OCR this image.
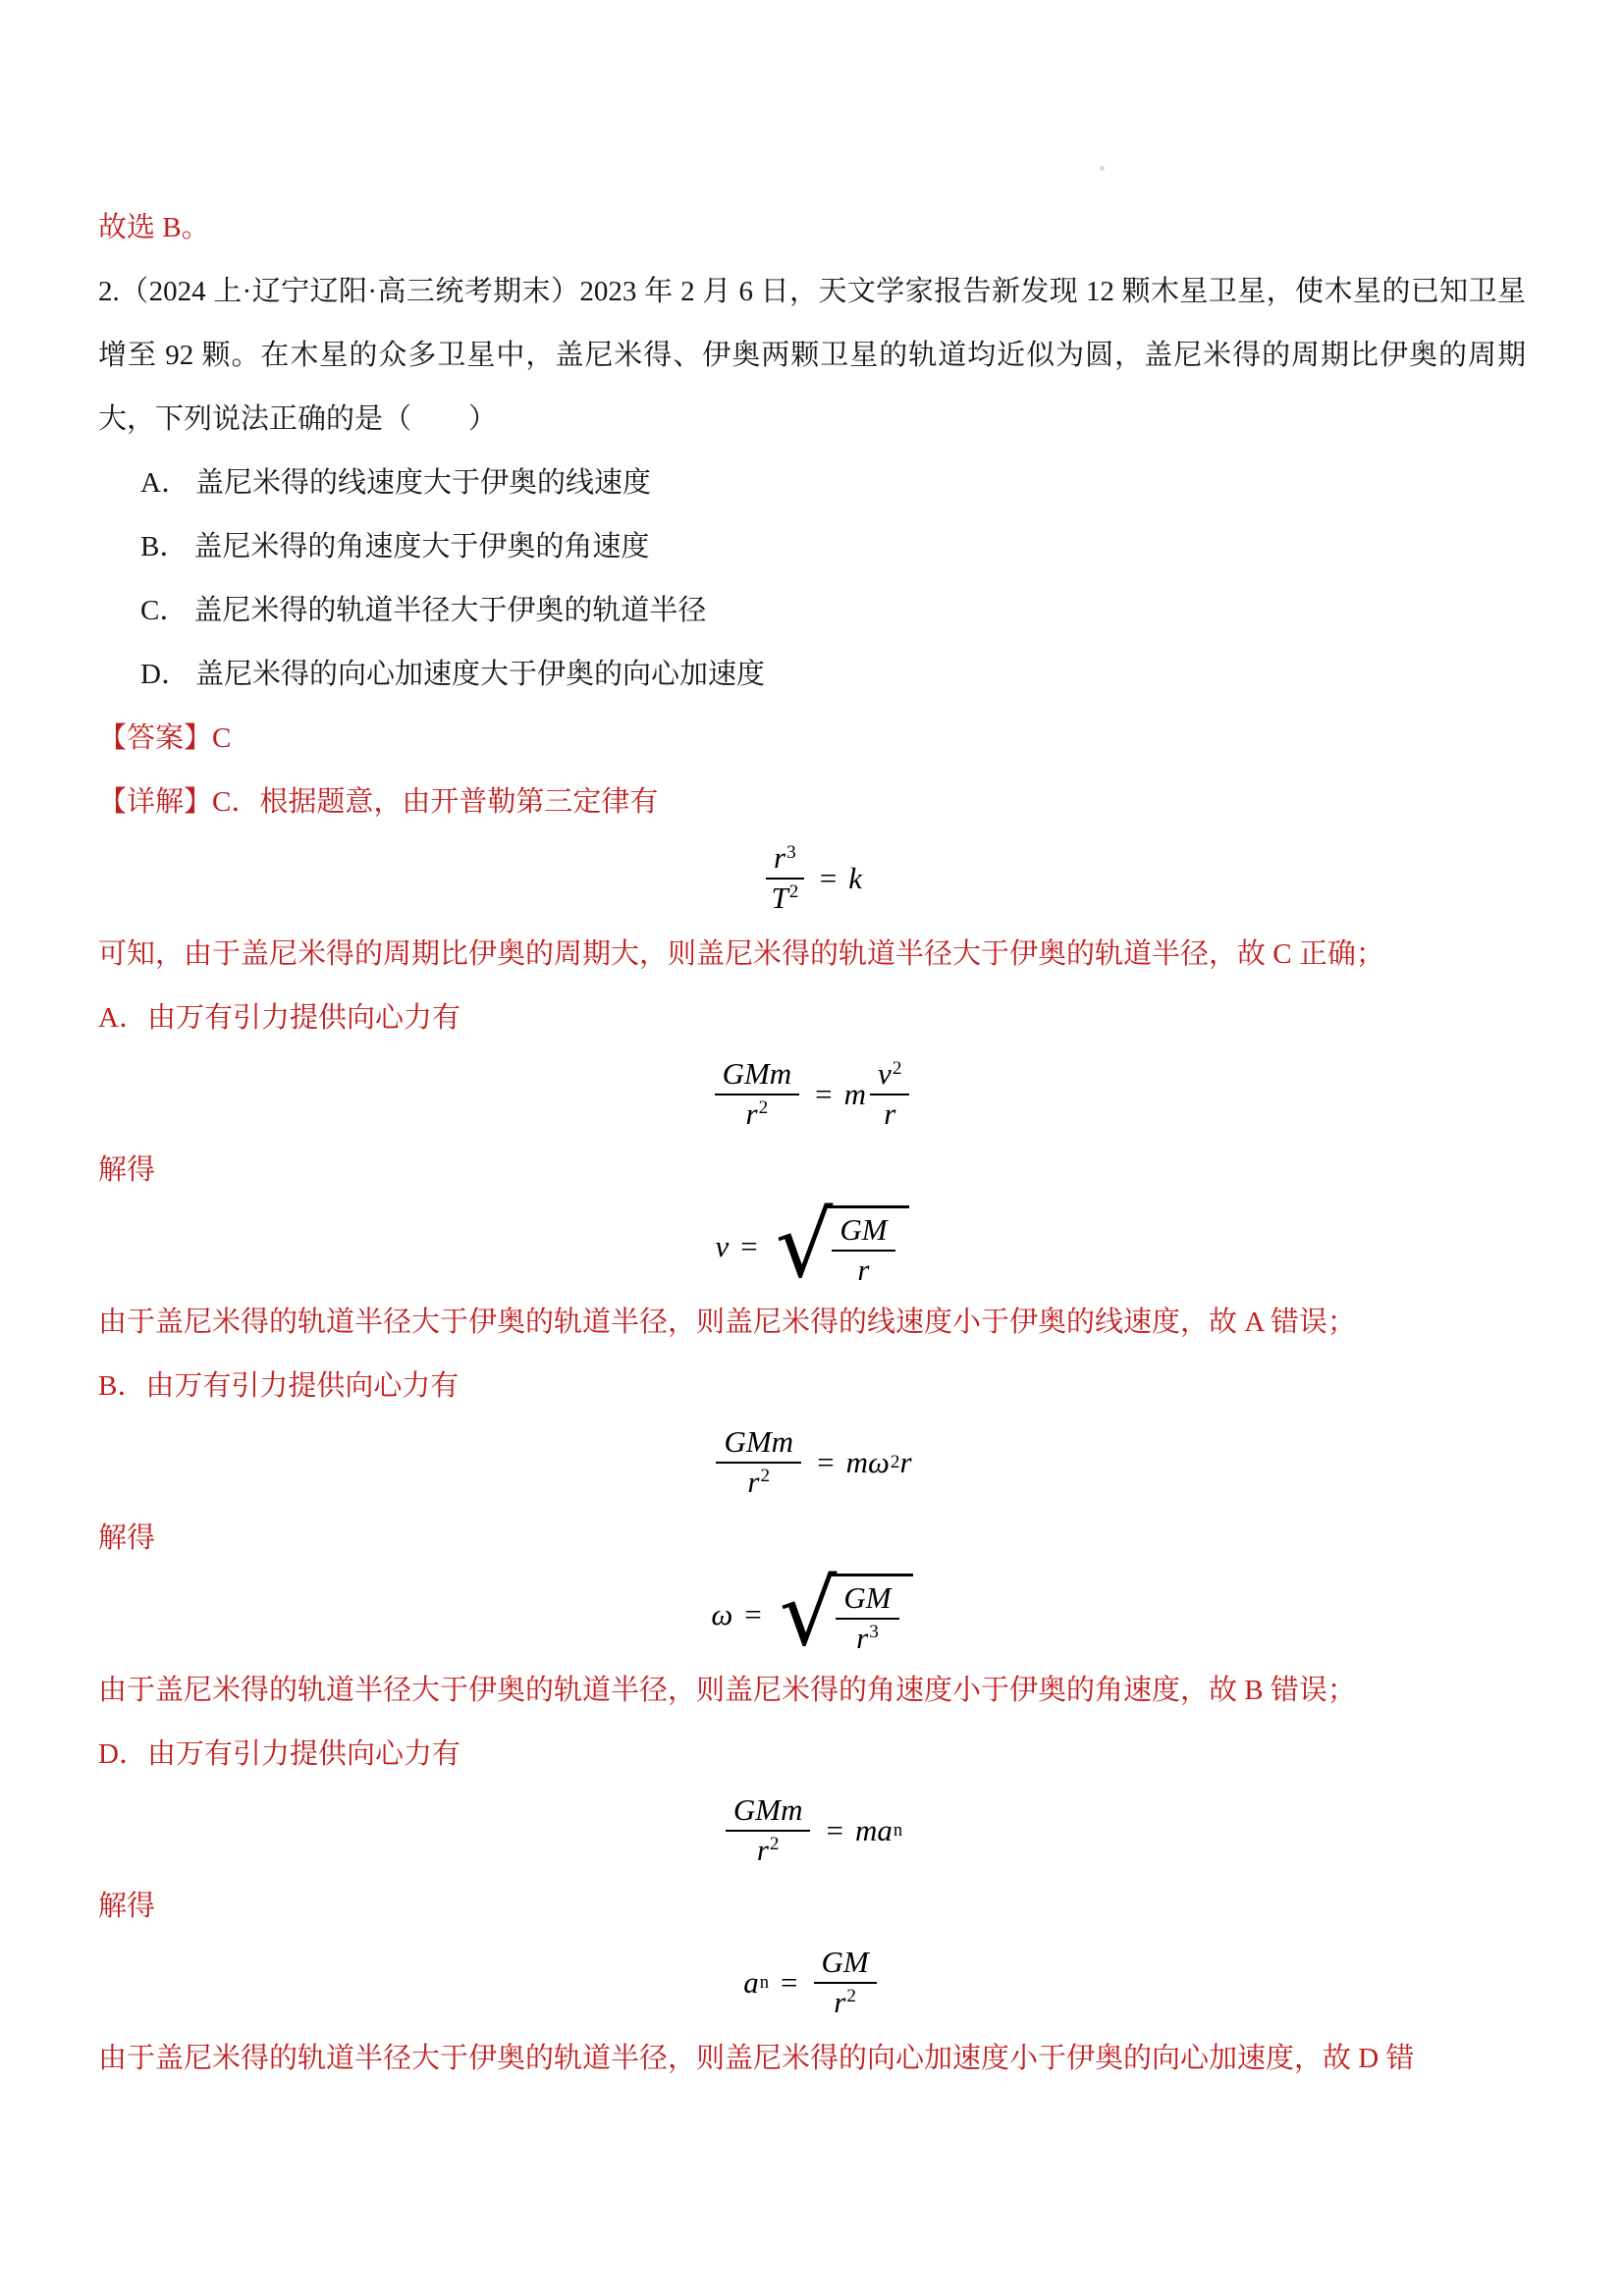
故选 B。

2.（2024 上·辽宁辽阳·高三统考期末）2023 年 2 月 6 日，天文学家报告新发现 12 颗木星卫星，使木星的已知卫星增至 92 颗。在木星的众多卫星中，盖尼米得、伊奥两颗卫星的轨道均近似为圆，盖尼米得的周期比伊奥的周期大，下列说法正确的是（　　）

A． 盖尼米得的线速度大于伊奥的线速度

B． 盖尼米得的角速度大于伊奥的角速度

C． 盖尼米得的轨道半径大于伊奥的轨道半径

D． 盖尼米得的向心加速度大于伊奥的向心加速度

【答案】C

【详解】C．根据题意，由开普勒第三定律有

$\frac{r^3}{T^2} = k$

可知，由于盖尼米得的周期比伊奥的周期大，则盖尼米得的轨道半径大于伊奥的轨道半径，故 C 正确；

A．由万有引力提供向心力有

$\frac{\text{GMm}}{r^2} = m \frac{v^2}{r}$

解得

v = √ $\frac{GM}{r}$

由于盖尼米得的轨道半径大于伊奥的轨道半径，则盖尼米得的线速度小于伊奥的线速度，故 A 错误；

B．由万有引力提供向心力有

$\frac{\text{GMm}}{r^2} = m\omega$ 2 r

解得

ω = √ $\frac{GM}{r^3}$

由于盖尼米得的轨道半径大于伊奥的轨道半径，则盖尼米得的角速度小于伊奥的角速度，故 B 错误；

D．由万有引力提供向心力有

$\frac{\text{GMm}}{r^2}$ = ma n

解得

a $n = \frac{GM}{r^2}$

由于盖尼米得的轨道半径大于伊奥的轨道半径，则盖尼米得的向心加速度小于伊奥的向心加速度，故 D 错
